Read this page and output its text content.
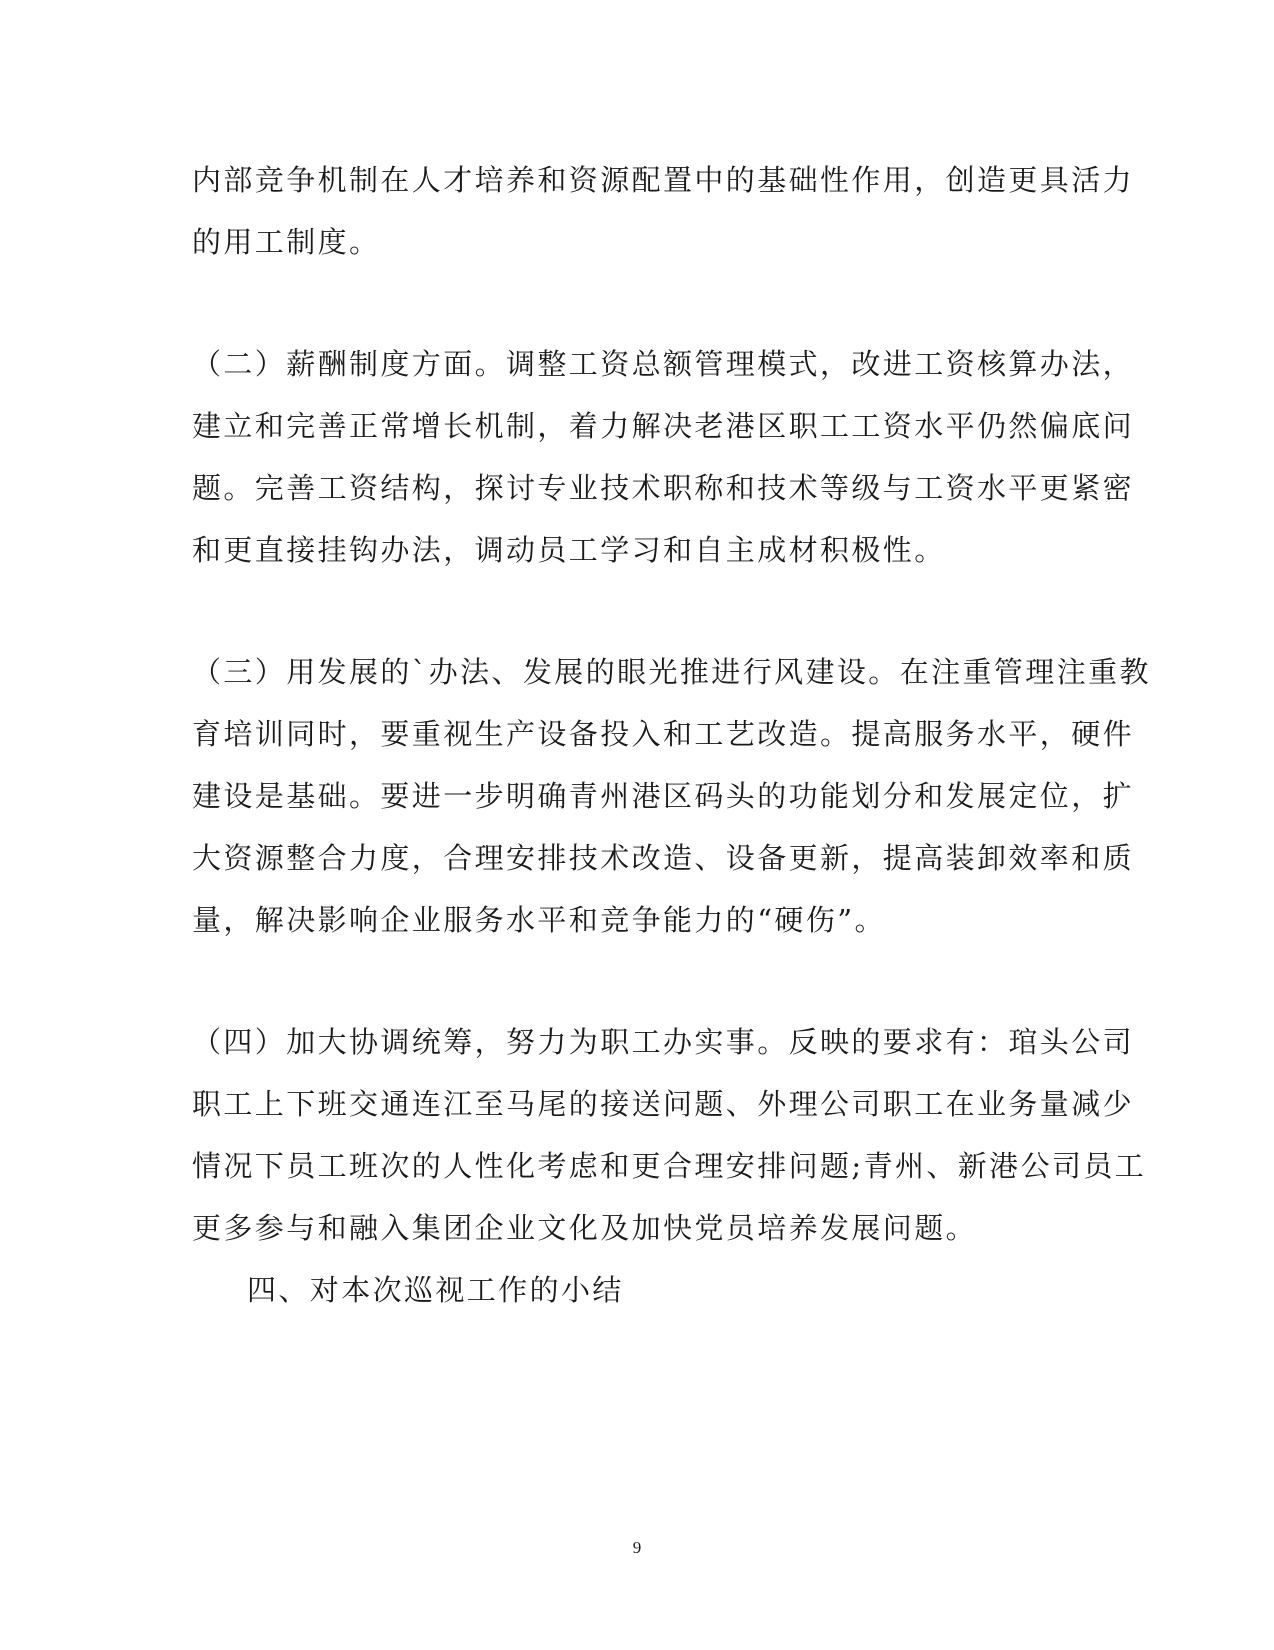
内部竞争机制在人才培养和资源配置中的基础性作用，创造更具活力
的用工制度。
（二）薪酬制度方面。调整工资总额管理模式，改进工资核算办法，
建立和完善正常增长机制，着力解决老港区职工工资水平仍然偏底问
题。完善工资结构，探讨专业技术职称和技术等级与工资水平更紧密
和更直接挂钩办法，调动员工学习和自主成材积极性。
（三）用发展的`办法、发展的眼光推进行风建设。在注重管理注重教
育培训同时，要重视生产设备投入和工艺改造。提高服务水平，硬件
建设是基础。要进一步明确青州港区码头的功能划分和发展定位，扩
大资源整合力度，合理安排技术改造、设备更新，提高装卸效率和质
量，解决影响企业服务水平和竞争能力的“硬伤”。
（四）加大协调统筹，努力为职工办实事。反映的要求有：琯头公司
职工上下班交通连江至马尾的接送问题、外理公司职工在业务量减少
情况下员工班次的人性化考虑和更合理安排问题;青州、新港公司员工
更多参与和融入集团企业文化及加快党员培养发展问题。
四、对本次巡视工作的小结
9
